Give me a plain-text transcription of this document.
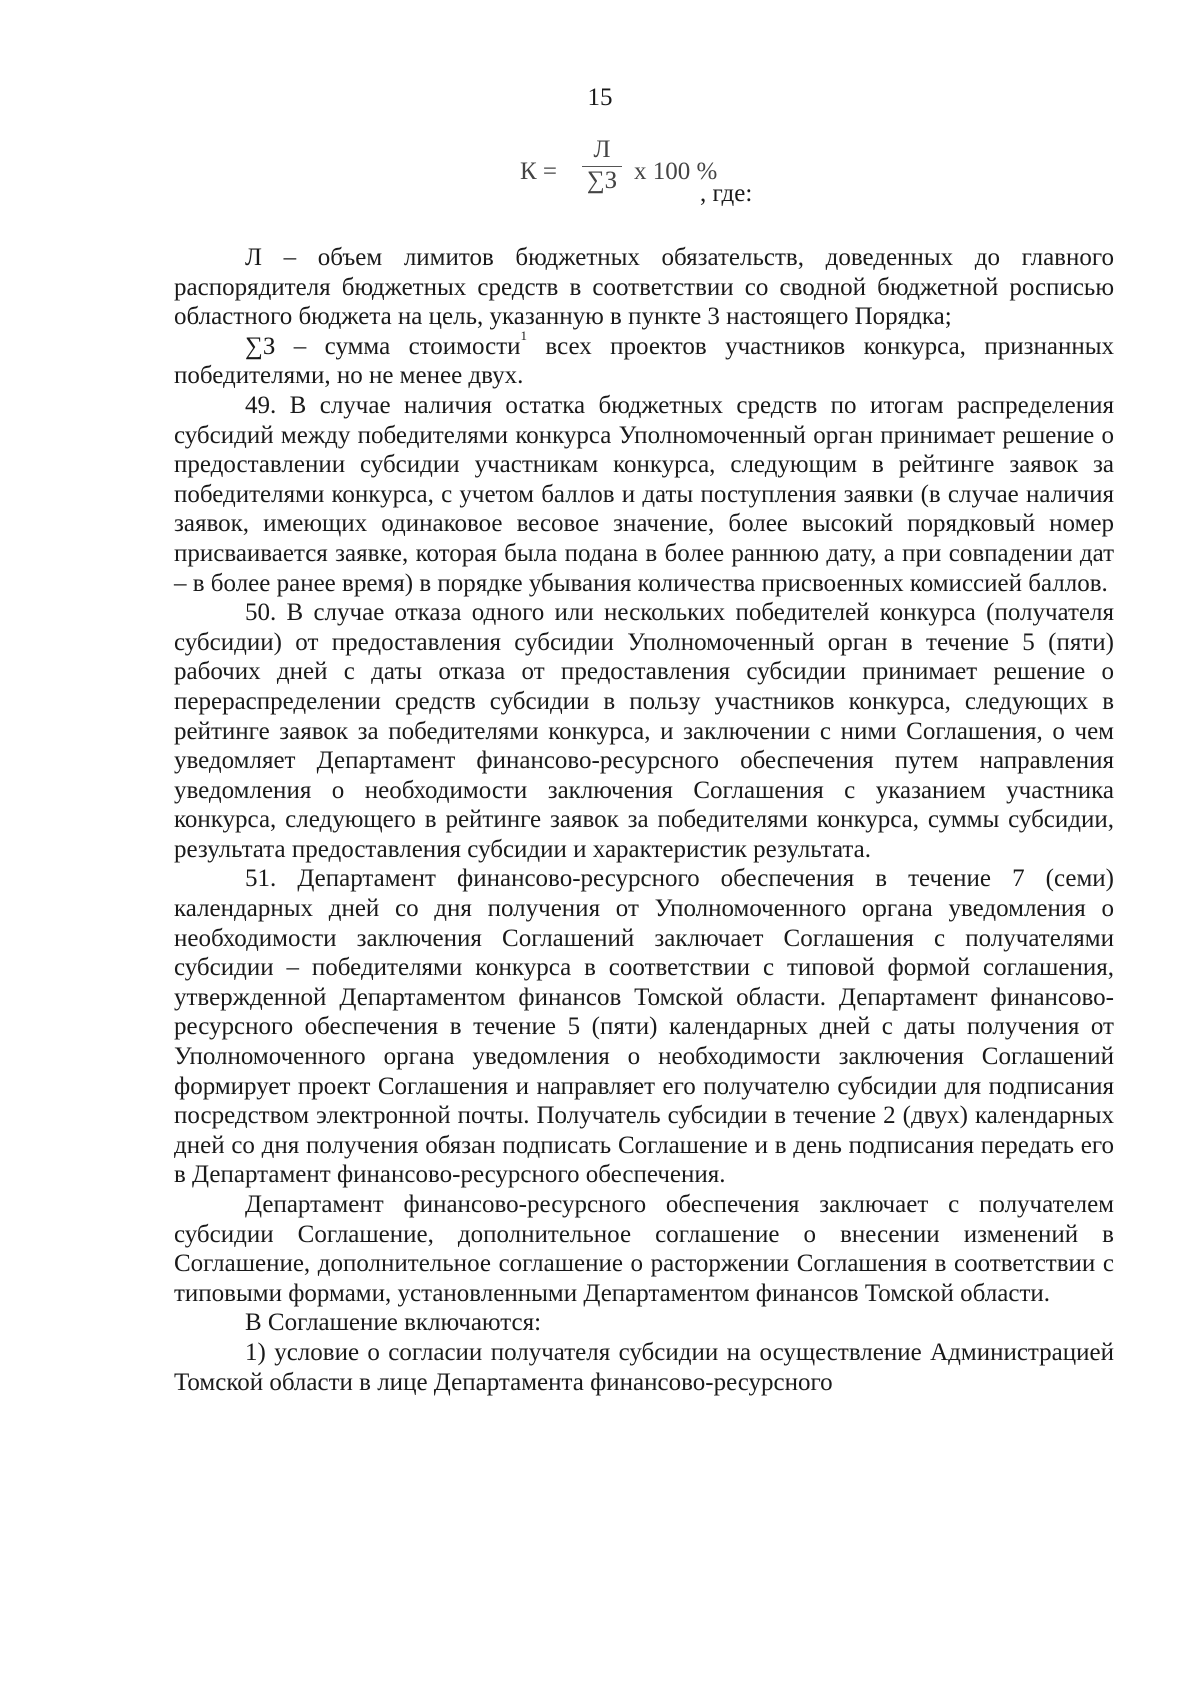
15
К =
Л
∑З х 100 %
, где:

Л – объем лимитов бюджетных обязательств, доведенных до главного распорядителя бюджетных средств в соответствии со сводной бюджетной росписью областного бюджета на цель, указанную в пункте 3 настоящего Порядка;

∑З – сумма стоимости$^1$ всех проектов участников конкурса, признанных победителями, но не менее двух.

49. В случае наличия остатка бюджетных средств по итогам распределения субсидий между победителями конкурса Уполномоченный орган принимает решение о предоставлении субсидии участникам конкурса, следующим в рейтинге заявок за победителями конкурса, с учетом баллов и даты поступления заявки (в случае наличия заявок, имеющих одинаковое весовое значение, более высокий порядковый номер присваивается заявке, которая была подана в более раннюю дату, а при совпадении дат – в более ранее время) в порядке убывания количества присвоенных комиссией баллов.

50. В случае отказа одного или нескольких победителей конкурса (получателя субсидии) от предоставления субсидии Уполномоченный орган в течение 5 (пяти) рабочих дней с даты отказа от предоставления субсидии принимает решение о перераспределении средств субсидии в пользу участников конкурса, следующих в рейтинге заявок за победителями конкурса, и заключении с ними Соглашения, о чем уведомляет Департамент финансово-ресурсного обеспечения путем направления уведомления о необходимости заключения Соглашения с указанием участника конкурса, следующего в рейтинге заявок за победителями конкурса, суммы субсидии, результата предоставления субсидии и характеристик результата.

51. Департамент финансово-ресурсного обеспечения в течение 7 (семи) календарных дней со дня получения от Уполномоченного органа уведомления о необходимости заключения Соглашений заключает Соглашения с получателями субсидии – победителями конкурса в соответствии с типовой формой соглашения, утвержденной Департаментом финансов Томской области. Департамент финансово-ресурсного обеспечения в течение 5 (пяти) календарных дней с даты получения от Уполномоченного органа уведомления о необходимости заключения Соглашений формирует проект Соглашения и направляет его получателю субсидии для подписания посредством электронной почты. Получатель субсидии в течение 2 (двух) календарных дней со дня получения обязан подписать Соглашение и в день подписания передать его в Департамент финансово-ресурсного обеспечения.

Департамент финансово-ресурсного обеспечения заключает с получателем субсидии Соглашение, дополнительное соглашение о внесении изменений в Соглашение, дополнительное соглашение о расторжении Соглашения в соответствии с типовыми формами, установленными Департаментом финансов Томской области.

В Соглашение включаются:

1) условие о согласии получателя субсидии на осуществление Администрацией Томской области в лице Департамента финансово-ресурсного
